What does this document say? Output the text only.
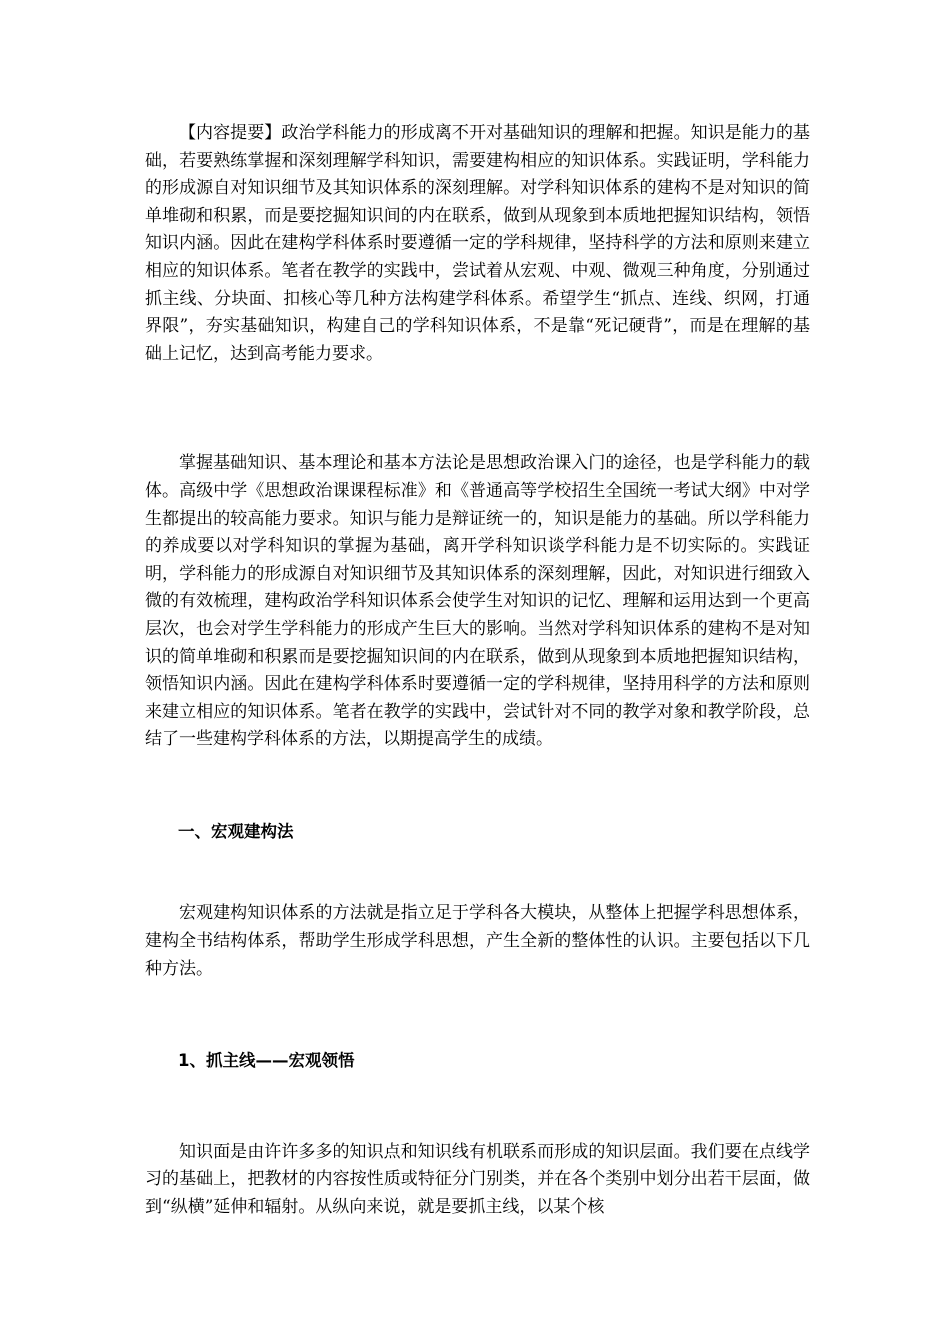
【内容提要】政治学科能力的形成离不开对基础知识的理解和把握。知识是能力的基础，若要熟练掌握和深刻理解学科知识，需要建构相应的知识体系。实践证明，学科能力的形成源自对知识细节及其知识体系的深刻理解。对学科知识体系的建构不是对知识的简单堆砌和积累，而是要挖掘知识间的内在联系，做到从现象到本质地把握知识结构，领悟知识内涵。因此在建构学科体系时要遵循一定的学科规律，坚持科学的方法和原则来建立相应的知识体系。笔者在教学的实践中，尝试着从宏观、中观、微观三种角度，分别通过抓主线、分块面、扣核心等几种方法构建学科体系。希望学生“抓点、连线、织网，打通界限”，夯实基础知识，构建自己的学科知识体系，不是靠“死记硬背”，而是在理解的基础上记忆，达到高考能力要求。

掌握基础知识、基本理论和基本方法论是思想政治课入门的途径，也是学科能力的载体。高级中学《思想政治课课程标准》和《普通高等学校招生全国统一考试大纲》中对学生都提出的较高能力要求。知识与能力是辩证统一的，知识是能力的基础。所以学科能力的养成要以对学科知识的掌握为基础，离开学科知识谈学科能力是不切实际的。实践证明，学科能力的形成源自对知识细节及其知识体系的深刻理解，因此，对知识进行细致入微的有效梳理，建构政治学科知识体系会使学生对知识的记忆、理解和运用达到一个更高层次，也会对学生学科能力的形成产生巨大的影响。当然对学科知识体系的建构不是对知识的简单堆砌和积累而是要挖掘知识间的内在联系，做到从现象到本质地把握知识结构，领悟知识内涵。因此在建构学科体系时要遵循一定的学科规律，坚持用科学的方法和原则来建立相应的知识体系。笔者在教学的实践中，尝试针对不同的教学对象和教学阶段，总结了一些建构学科体系的方法，以期提高学生的成绩。

一、宏观建构法

宏观建构知识体系的方法就是指立足于学科各大模块，从整体上把握学科思想体系，建构全书结构体系，帮助学生形成学科思想，产生全新的整体性的认识。主要包括以下几种方法。

1、抓主线——宏观领悟

知识面是由许许多多的知识点和知识线有机联系而形成的知识层面。我们要在点线学习的基础上，把教材的内容按性质或特征分门别类，并在各个类别中划分出若干层面，做到“纵横”延伸和辐射。从纵向来说，就是要抓主线，以某个核
